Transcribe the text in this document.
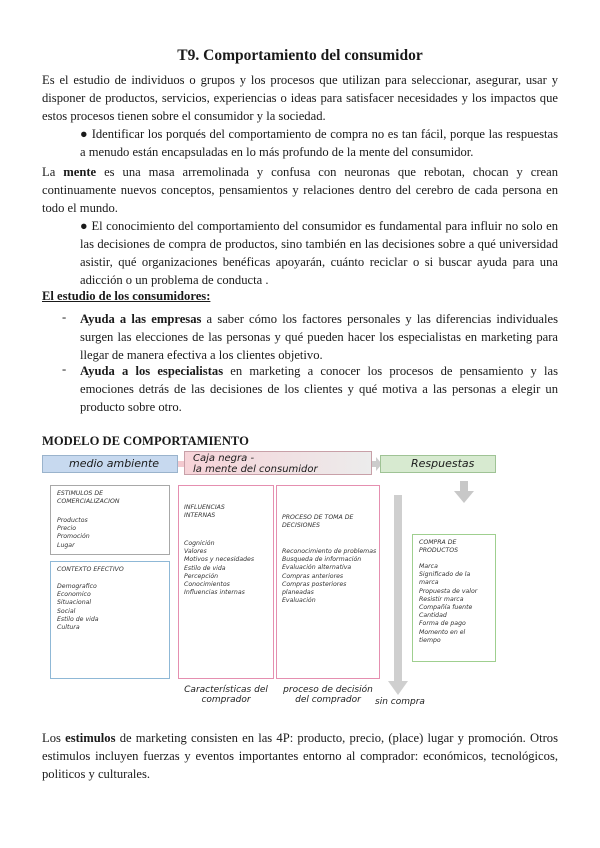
T9. Comportamiento del consumidor

Es el estudio de individuos o grupos y los procesos que utilizan para seleccionar, asegurar, usar y disponer de productos, servicios, experiencias o ideas para satisfacer necesidades y los impactos que estos procesos tienen sobre el consumidor y la sociedad.

● Identificar los porqués del comportamiento de compra no es tan fácil, porque las respuestas a menudo están encapsuladas en lo más profundo de la mente del consumidor.

La mente es una masa arremolinada y confusa con neuronas que rebotan, chocan y crean continuamente nuevos conceptos, pensamientos y relaciones dentro del cerebro de cada persona en todo el mundo.

● El conocimiento del comportamiento del consumidor es fundamental para influir no solo en las decisiones de compra de productos, sino también en las decisiones sobre a qué universidad asistir, qué organizaciones benéficas apoyarán, cuánto reciclar o si buscar ayuda para una adicción o un problema de conducta .

El estudio de los consumidores:

- Ayuda a las empresas a saber cómo los factores personales y las diferencias individuales surgen las elecciones de las personas y qué pueden hacer los especialistas en marketing para llegar de manera efectiva a los clientes objetivo.

- Ayuda a los especialistas en marketing a conocer los procesos de pensamiento y las emociones detrás de las decisiones de los clientes y qué motiva a las personas a elegir un producto sobre otro.

MODELO DE COMPORTAMIENTO

medio ambiente	Caja negra -
la mente del consumidor	Respuestas
ESTIMULOS DE
COMERCIALIZACION
Productos
Precio
Promoción
Lugar
CONTEXTO EFECTIVO
Demografico
Economico
Situacional
Social
Estilo de vida
Cultura
INFLUENCIAS
INTERNAS
Cognición
Valores
Motivos y necesidades
Estilo de vida
Percepción
Conocimientos
Influencias internas
PROCESO DE TOMA DE
DECISIONES
Reconocimiento de problemas
Busqueda de información
Evaluación alternativa
Compras anteriores
Compras posteriores
planeadas
Evaluación
COMPRA DE
PRODUCTOS
Marca
Significado de la
marca
Propuesta de valor
Resistir marca
Compañía fuente
Cantidad
Forma de pago
Momento en el
tiempo
Características del
comprador
proceso de decisión
del comprador	sin compra

Los estimulos de marketing consisten en las 4P: producto, precio, (place) lugar y promoción. Otros estimulos incluyen fuerzas y eventos importantes entorno al comprador: económicos, tecnológicos, politicos y culturales.
